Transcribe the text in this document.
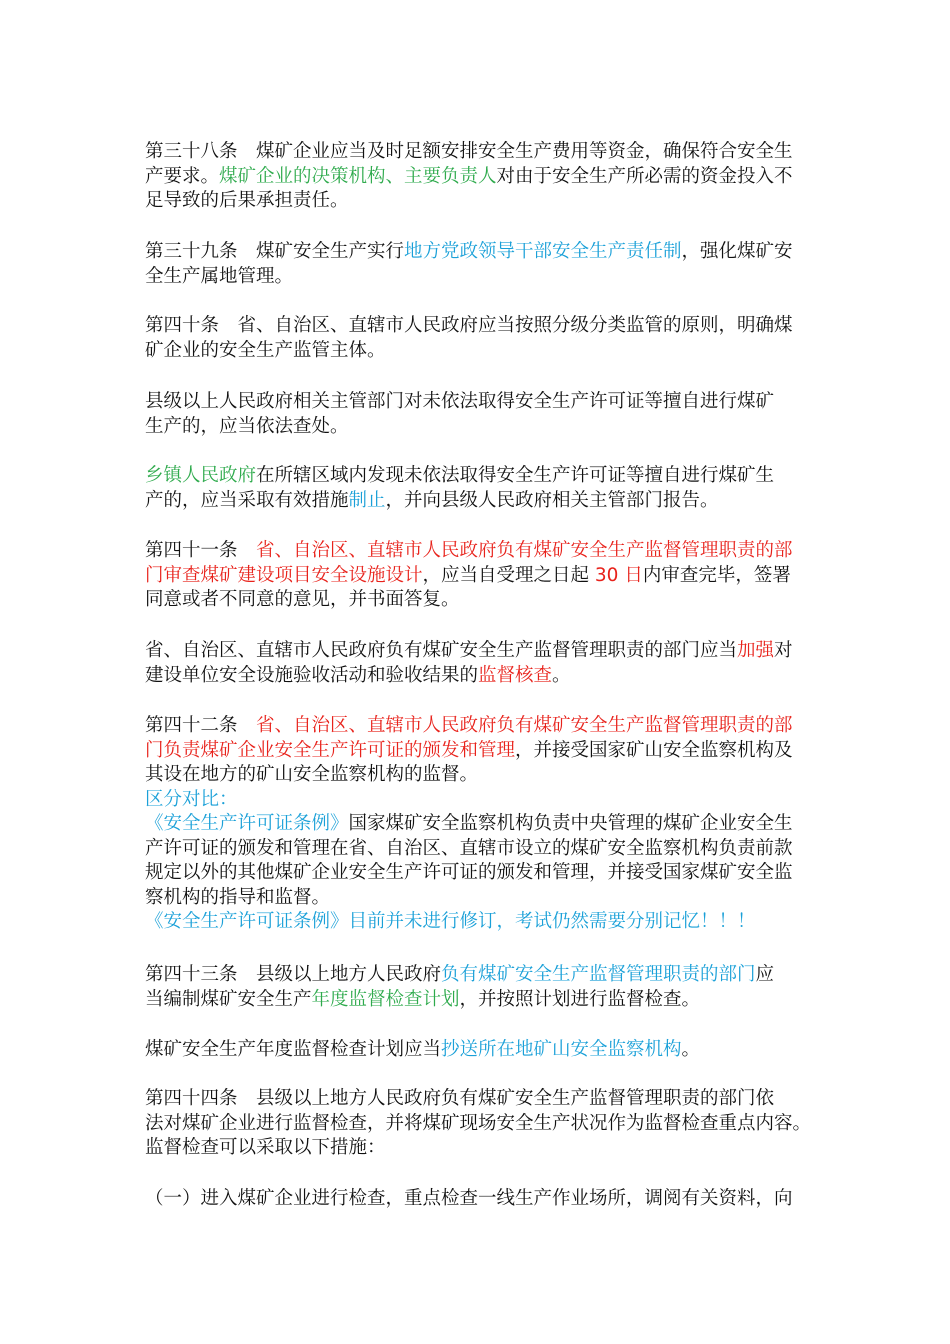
第三十八条　煤矿企业应当及时足额安排安全生产费用等资金，确保符合安全生
产要求。煤矿企业的决策机构、主要负责人对由于安全生产所必需的资金投入不
足导致的后果承担责任。

第三十九条　煤矿安全生产实行地方党政领导干部安全生产责任制，强化煤矿安
全生产属地管理。

第四十条　省、自治区、直辖市人民政府应当按照分级分类监管的原则，明确煤
矿企业的安全生产监管主体。

县级以上人民政府相关主管部门对未依法取得安全生产许可证等擅自进行煤矿
生产的，应当依法查处。

乡镇人民政府在所辖区域内发现未依法取得安全生产许可证等擅自进行煤矿生
产的，应当采取有效措施制止，并向县级人民政府相关主管部门报告。

第四十一条　省、自治区、直辖市人民政府负有煤矿安全生产监督管理职责的部
门审查煤矿建设项目安全设施设计，应当自受理之日起 30 日内审查完毕，签署
同意或者不同意的意见，并书面答复。

省、自治区、直辖市人民政府负有煤矿安全生产监督管理职责的部门应当加强对
建设单位安全设施验收活动和验收结果的监督核查。

第四十二条　省、自治区、直辖市人民政府负有煤矿安全生产监督管理职责的部
门负责煤矿企业安全生产许可证的颁发和管理，并接受国家矿山安全监察机构及
其设在地方的矿山安全监察机构的监督。
区分对比：
《安全生产许可证条例》国家煤矿安全监察机构负责中央管理的煤矿企业安全生
产许可证的颁发和管理在省、自治区、直辖市设立的煤矿安全监察机构负责前款
规定以外的其他煤矿企业安全生产许可证的颁发和管理，并接受国家煤矿安全监
察机构的指导和监督。
《安全生产许可证条例》目前并未进行修订，考试仍然需要分别记忆！！！

第四十三条　县级以上地方人民政府负有煤矿安全生产监督管理职责的部门应
当编制煤矿安全生产年度监督检查计划，并按照计划进行监督检查。

煤矿安全生产年度监督检查计划应当抄送所在地矿山安全监察机构。

第四十四条　县级以上地方人民政府负有煤矿安全生产监督管理职责的部门依
法对煤矿企业进行监督检查，并将煤矿现场安全生产状况作为监督检查重点内容。
监督检查可以采取以下措施：

（一）进入煤矿企业进行检查，重点检查一线生产作业场所，调阅有关资料，向
